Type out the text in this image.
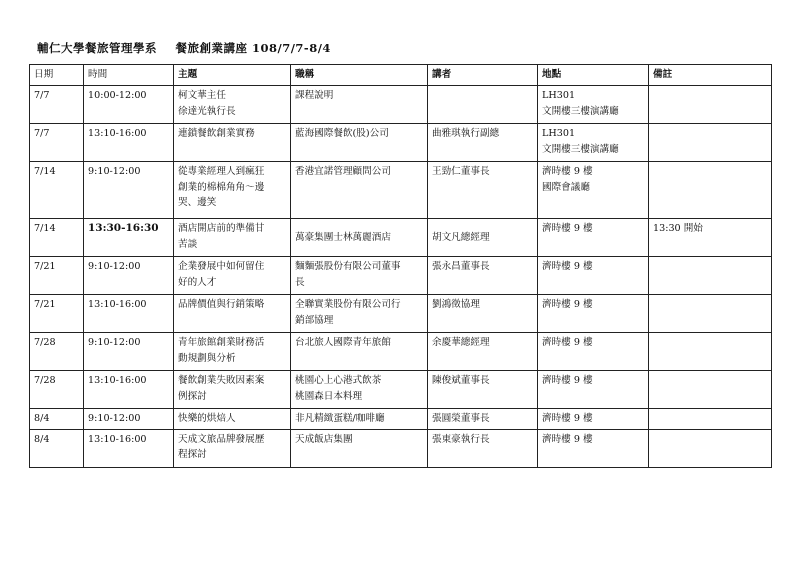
輔仁大學餐旅管理學系 餐旅創業講座 108/7/7-8/4
日期	時間	主題	職稱	講者	地點	備註
7/7	10:00-12:00	柯文華主任
徐達光執行長	課程說明		LH301
文開樓三樓演講廳	

7/7	13:10-16:00	連鎖餐飲創業實務	藍海國際餐飲(股)公司	曲雅琪執行副總	LH301
文開樓三樓演講廳	

7/14	9:10-12:00	從專業經理人到瘋狂
創業的棉棉角角～邊
哭、邊笑	香港宜諾管理顧問公司	王勁仁董事長	濟時樓 9 樓
國際會議廳	

7/14	13:30-16:30	酒店開店前的準備甘
苦談	萬豪集團士林萬麗酒店	胡文凡總經理	濟時樓 9 樓	13:30 開始
7/21	9:10-12:00	企業發展中如何留住
好的人才	麵麵張股份有限公司董事
長	張永昌董事長	濟時樓 9 樓	

7/21	13:10-16:00	品牌價值與行銷策略	全聯實業股份有限公司行
銷部協理	劉鴻徵協理	濟時樓 9 樓	

7/28	9:10-12:00	青年旅館創業財務活
動規劃與分析	台北旅人國際青年旅館	余慶華總經理	濟時樓 9 樓	

7/28	13:10-16:00	餐飲創業失敗因素案
例探討	桃園心上心港式飲茶
桃園森日本料理	陳俊斌董事長	濟時樓 9 樓	

8/4	9:10-12:00	快樂的烘焙人	非凡精緻蛋糕/咖啡廳	張圓榮董事長	濟時樓 9 樓	

8/4	13:10-16:00	天成文旅品牌發展歷
程探討	天成飯店集團	張東豪執行長	濟時樓 9 樓	
